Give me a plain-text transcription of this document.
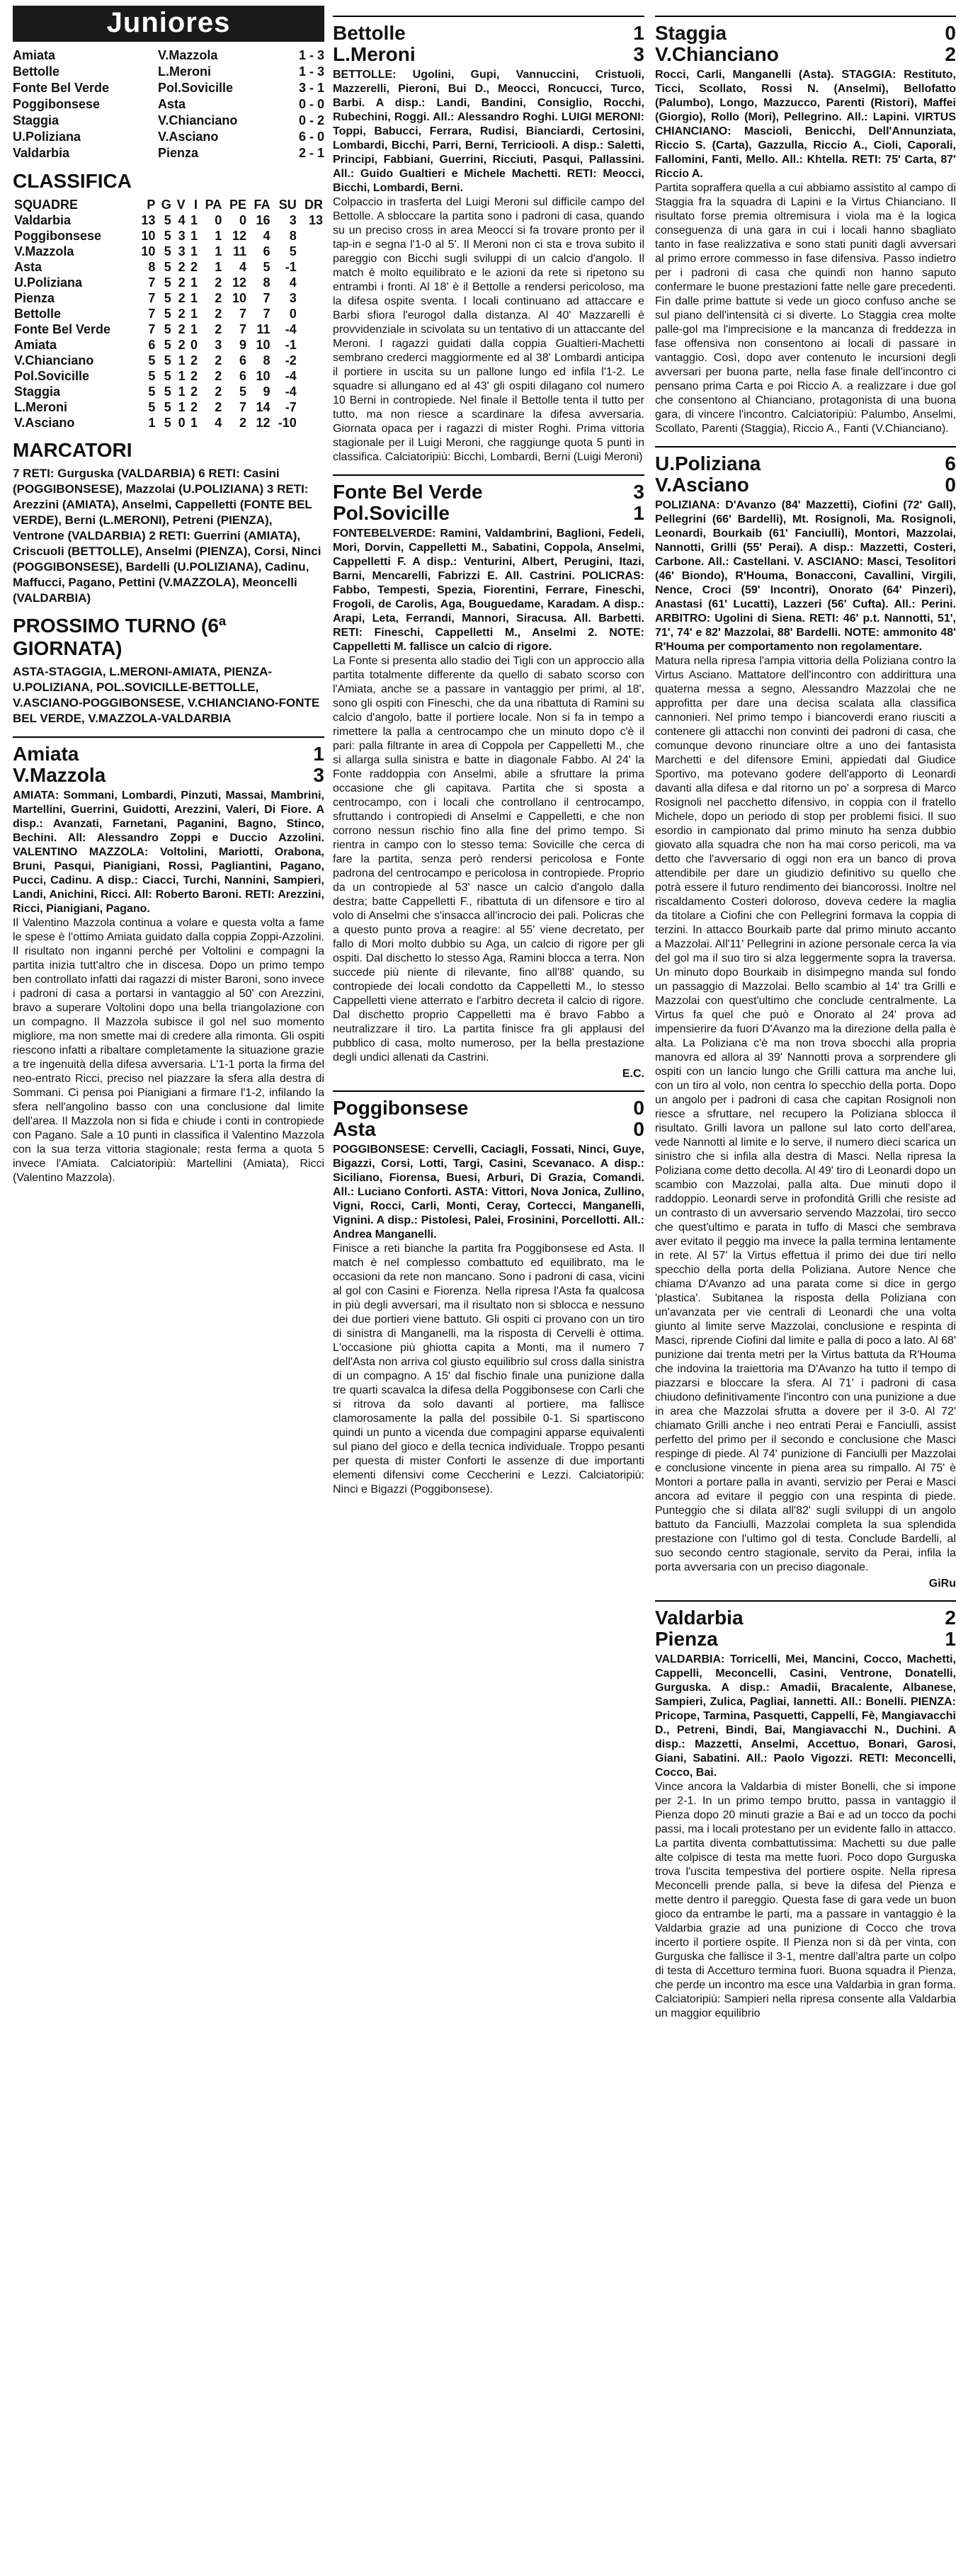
Juniores
Amiata	V.Mazzola	1 - 3
Bettolle	L.Meroni	1 - 3
Fonte Bel Verde	Pol.Sovicille	3 - 1
Poggibonsese	Asta	0 - 0
Staggia	V.Chianciano	0 - 2
U.Poliziana	V.Asciano	6 - 0
Valdarbia	Pienza	2 - 1
CLASSIFICA
SQUADRE	P	G	V	I	PA	PE	FA	SU	DR
Valdarbia	13	5	4	1	0	0	16	3	13
Poggibonsese	10	5	3	1	1	12	4	8	
V.Mazzola	10	5	3	1	1	11	6	5	
Asta	8	5	2	2	1	4	5	-1	
U.Poliziana	7	5	2	1	2	12	8	4	
Pienza	7	5	2	1	2	10	7	3	
Bettolle	7	5	2	1	2	7	7	0	
Fonte Bel Verde	7	5	2	1	2	7	11	-4	
Amiata	6	5	2	0	3	9	10	-1	
V.Chianciano	5	5	1	2	2	6	8	-2	
Pol.Sovicille	5	5	1	2	2	6	10	-4	
Staggia	5	5	1	2	2	5	9	-4	
L.Meroni	5	5	1	2	2	7	14	-7	
V.Asciano	1	5	0	1	4	2	12	-10	
MARCATORI
7 RETI: Gurguska (VALDARBIA) 6 RETI: Casini (POGGIBONSESE), Mazzolai (U.POLIZIANA) 3 RETI: Arezzini (AMIATA), Anselmi, Cappelletti (FONTE BEL VERDE), Berni (L.MERONI), Petreni (PIENZA), Ventrone (VALDARBIA) 2 RETI: Guerrini (AMIATA), Criscuoli (BETTOLLE), Anselmi (PIENZA), Corsi, Ninci (POGGIBONSESE), Bardelli (U.POLIZIANA), Cadinu, Maffucci, Pagano, Pettini (V.MAZZOLA), Meoncelli (VALDARBIA)
PROSSIMO TURNO (6ª GIORNATA)
ASTA-STAGGIA, L.MERONI-AMIATA, PIENZA-U.POLIZIANA, POL.SOVICILLE-BETTOLLE, V.ASCIANO-POGGIBONSESE, V.CHIANCIANO-FONTE BEL VERDE, V.MAZZOLA-VALDARBIA
Amiata	1
V.Mazzola	3
AMIATA: Sommani, Lombardi, Pinzuti, Massai, Mambrini, Martellini, Guerrini, Guidotti, Arezzini, Valeri, Di Fiore. A disp.: Avanzati, Farnetani, Paganini, Bagno, Stinco, Bechini. All: Alessandro Zoppi e Duccio Azzolini. VALENTINO MAZZOLA: Voltolini, Mariotti, Orabona, Bruni, Pasqui, Pianigiani, Rossi, Pagliantini, Pagano, Pucci, Cadinu. A disp.: Ciacci, Turchi, Nannini, Sampieri, Landi, Anichini, Ricci. All: Roberto Baroni. RETI: Arezzini, Ricci, Pianigiani, Pagano.
Il Valentino Mazzola continua a volare e questa volta a fame le spese è l'ottimo Amiata guidato dalla coppia Zoppi-Azzolini. Il risultato non inganni perché per Voltolini e compagni la partita inizia tutt'altro che in discesa. Dopo un primo tempo ben controllato infatti dai ragazzi di mister Baroni, sono invece i padroni di casa a portarsi in vantaggio al 50' con Arezzini, bravo a superare Voltolini dopo una bella triangolazione con un compagno. Il Mazzola subisce il gol nel suo momento migliore, ma non smette mai di credere alla rimonta. Gli ospiti riescono infatti a ribaltare completamente la situazione grazie a tre ingenuità della difesa avversaria. L'1-1 porta la firma del neo-entrato Ricci, preciso nel piazzare la sfera alla destra di Sommani. Ci pensa poi Pianigiani a firmare l'1-2, infilando la sfera nell'angolino basso con una conclusione dal limite dell'area. Il Mazzola non si fida e chiude i conti in contropiede con Pagano. Sale a 10 punti in classifica il Valentino Mazzola con la sua terza vittoria stagionale; resta ferma a quota 5 invece l'Amiata. Calciatoripiù: Martellini (Amiata), Ricci (Valentino Mazzola).
Bettolle	1
L.Meroni	3
BETTOLLE: Ugolini, Gupi, Vannuccini, Cristuoli, Mazzerelli, Pieroni, Bui D., Meocci, Roncucci, Turco, Barbi. A disp.: Landi, Bandini, Consiglio, Rocchi, Rubechini, Roggi. All.: Alessandro Roghi. LUIGI MERONI: Toppi, Babucci, Ferrara, Rudisi, Bianciardi, Certosini, Lombardi, Bicchi, Parri, Berni, Terriciooli. A disp.: Saletti, Principi, Fabbiani, Guerrini, Ricciuti, Pasqui, Pallassini. All.: Guido Gualtieri e Michele Machetti. RETI: Meocci, Bicchi, Lombardi, Berni.
Colpaccio in trasferta del Luigi Meroni sul difficile campo del Bettolle. A sbloccare la partita sono i padroni di casa, quando su un preciso cross in area Meocci si fa trovare pronto per il tap-in e segna l'1-0 al 5'. Il Meroni non ci sta e trova subito il pareggio con Bicchi sugli sviluppi di un calcio d'angolo. Il match è molto equilibrato e le azioni da rete si ripetono su entrambi i fronti. Al 18' è il Bettolle a rendersi pericoloso, ma la difesa ospite sventa. I locali continuano ad attaccare e Barbi sfiora l'eurogol dalla distanza. Al 40' Mazzarelli è provvidenziale in scivolata su un tentativo di un attaccante del Meroni. I ragazzi guidati dalla coppia Gualtieri-Machetti sembrano crederci maggiormente ed al 38' Lombardi anticipa il portiere in uscita su un pallone lungo ed infila l'1-2. Le squadre si allungano ed al 43' gli ospiti dilagano col numero 10 Berni in contropiede. Nel finale il Bettolle tenta il tutto per tutto, ma non riesce a scardinare la difesa avversaria. Giornata opaca per i ragazzi di mister Roghi. Prima vittoria stagionale per il Luigi Meroni, che raggiunge quota 5 punti in classifica. Calciatoripiù: Bicchi, Lombardi, Berni (Luigi Meroni)
Fonte Bel Verde	3
Pol.Sovicille	1
FONTEBELVERDE: Ramini, Valdambrini, Baglioni, Fedeli, Mori, Dorvin, Cappelletti M., Sabatini, Coppola, Anselmi, Cappelletti F. A disp.: Venturini, Albert, Perugini, Itazi, Barni, Mencarelli, Fabrizzi E. All. Castrini. POLICRAS: Fabbo, Tempesti, Spezia, Fiorentini, Ferrare, Fineschi, Frogoli, de Carolis, Aga, Bouguedame, Karadam. A disp.: Arapi, Leta, Ferrandi, Mannori, Siracusa. All. Barbetti. RETI: Fineschi, Cappelletti M., Anselmi 2. NOTE: Cappelletti M. fallisce un calcio di rigore.
La Fonte si presenta allo stadio dei Tigli con un approccio alla partita totalmente differente da quello di sabato scorso con l'Amiata, anche se a passare in vantaggio per primi, al 18', sono gli ospiti con Fineschi, che da una ribattuta di Ramini su calcio d'angolo, batte il portiere locale. Non si fa in tempo a rimettere la palla a centrocampo che un minuto dopo c'è il pari: palla filtrante in area di Coppola per Cappelletti M., che si allarga sulla sinistra e batte in diagonale Fabbo. Al 24' la Fonte raddoppia con Anselmi, abile a sfruttare la prima occasione che gli capitava. Partita che si sposta a centrocampo, con i locali che controllano il centrocampo, sfruttando i contropiedi di Anselmi e Cappelletti, e che non corrono nessun rischio fino alla fine del primo tempo. Si rientra in campo con lo stesso tema: Sovicille che cerca di fare la partita, senza però rendersi pericolosa e Fonte padrona del centrocampo e pericolosa in contropiede. Proprio da un contropiede al 53' nasce un calcio d'angolo dalla destra; batte Cappelletti F., ribattuta di un difensore e tiro al volo di Anselmi che s'insacca all'incrocio dei pali. Policras che a questo punto prova a reagire: al 55' viene decretato, per fallo di Mori molto dubbio su Aga, un calcio di rigore per gli ospiti. Dal dischetto lo stesso Aga, Ramini blocca a terra. Non succede più niente di rilevante, fino all'88' quando, su contropiede dei locali condotto da Cappelletti M., lo stesso Cappelletti viene atterrato e l'arbitro decreta il calcio di rigore. Dal dischetto proprio Cappelletti ma è bravo Fabbo a neutralizzare il tiro. La partita finisce fra gli applausi del pubblico di casa, molto numeroso, per la bella prestazione degli undici allenati da Castrini.
E.C.
Poggibonsese	0
Asta	0
POGGIBONSESE: Cervelli, Caciagli, Fossati, Ninci, Guye, Bigazzi, Corsi, Lotti, Targi, Casini, Scevanaco. A disp.: Siciliano, Fiorensa, Buesi, Arburi, Di Grazia, Comandi. All.: Luciano Conforti. ASTA: Vittori, Nova Jonica, Zullino, Vigni, Rocci, Carli, Monti, Ceray, Cortecci, Manganelli, Vignini. A disp.: Pistolesi, Palei, Frosinini, Porcellotti. All.: Andrea Manganelli.
Finisce a reti bianche la partita fra Poggibonsese ed Asta. Il match è nel complesso combattuto ed equilibrato, ma le occasioni da rete non mancano. Sono i padroni di casa, vicini al gol con Casini e Fiorenza. Nella ripresa l'Asta fa qualcosa in più degli avversari, ma il risultato non si sblocca e nessuno dei due portieri viene battuto. Gli ospiti ci provano con un tiro di sinistra di Manganelli, ma la risposta di Cervelli è ottima. L'occasione più ghiotta capita a Monti, ma il numero 7 dell'Asta non arriva col giusto equilibrio sul cross dalla sinistra di un compagno. A 15' dal fischio finale una punizione dalla tre quarti scavalca la difesa della Poggibonsese con Carli che si ritrova da solo davanti al portiere, ma fallisce clamorosamente la palla del possibile 0-1. Si spartiscono quindi un punto a vicenda due compagini apparse equivalenti sul piano del gioco e della tecnica individuale. Troppo pesanti per questa di mister Conforti le assenze di due importanti elementi difensivi come Ceccherini e Lezzi. Calciatoripiù: Ninci e Bigazzi (Poggibonsese).
Staggia	0
V.Chianciano	2
Rocci, Carli, Manganelli (Asta). STAGGIA: Restituto, Ticci, Scollato, Rossi N. (Anselmi), Bellofatto (Palumbo), Longo, Mazzucco, Parenti (Ristori), Maffei (Giorgio), Rollo (Mori), Pellegrino. All.: Lapini. VIRTUS CHIANCIANO: Mascioli, Benicchi, Dell'Annunziata, Riccio S. (Carta), Gazzulla, Riccio A., Cioli, Caporali, Fallomini, Fanti, Mello. All.: Khtella. RETI: 75' Carta, 87' Riccio A.
Partita sopraffera quella a cui abbiamo assistito al campo di Staggia fra la squadra di Lapini e la Virtus Chianciano. Il risultato forse premia oltremisura i viola ma è la logica conseguenza di una gara in cui i locali hanno sbagliato tanto in fase realizzativa e sono stati puniti dagli avversari al primo errore commesso in fase difensiva. Passo indietro per i padroni di casa che quindi non hanno saputo confermare le buone prestazioni fatte nelle gare precedenti. Fin dalle prime battute si vede un gioco confuso anche se sul piano dell'intensità ci si diverte. Lo Staggia crea molte palle-gol ma l'imprecisione e la mancanza di freddezza in fase offensiva non consentono ai locali di passare in vantaggio. Così, dopo aver contenuto le incursioni degli avversari per buona parte, nella fase finale dell'incontro ci pensano prima Carta e poi Riccio A. a realizzare i due gol che consentono al Chianciano, protagonista di una buona gara, di vincere l'incontro. Calciatoripiù: Palumbo, Anselmi, Scollato, Parenti (Staggia), Riccio A., Fanti (V.Chianciano).
U.Poliziana	6
V.Asciano	0
POLIZIANA: D'Avanzo (84' Mazzetti), Ciofini (72' Gall), Pellegrini (66' Bardelli), Mt. Rosignoli, Ma. Rosignoli, Leonardi, Bourkaib (61' Fanciulli), Montori, Mazzolai, Nannotti, Grilli (55' Perai). A disp.: Mazzetti, Costeri, Carbone. All.: Castellani. V. ASCIANO: Masci, Tesolitori (46' Biondo), R'Houma, Bonacconi, Cavallini, Virgili, Nence, Croci (59' Incontri), Onorato (64' Pinzeri), Anastasi (61' Lucatti), Lazzeri (56' Cufta). All.: Perini. ARBITRO: Ugolini di Siena. RETI: 46' p.t. Nannotti, 51', 71', 74' e 82' Mazzolai, 88' Bardelli. NOTE: ammonito 48' R'Houma per comportamento non regolamentare.
Matura nella ripresa l'ampia vittoria della Poliziana contro la Virtus Asciano. Mattatore dell'incontro con addirittura una quaterna messa a segno, Alessandro Mazzolai che ne approfitta per dare una decisa scalata alla classifica cannonieri. Nel primo tempo i biancoverdi erano riusciti a contenere gli attacchi non convinti dei padroni di casa, che comunque devono rinunciare oltre a uno dei fantasista Marchetti e del difensore Emini, appiedati dal Giudice Sportivo, ma potevano godere dell'apporto di Leonardi davanti alla difesa e dal ritorno un po' a sorpresa di Marco Rosignoli nel pacchetto difensivo, in coppia con il fratello Michele, dopo un periodo di stop per problemi fisici. Il suo esordio in campionato dal primo minuto ha senza dubbio giovato alla squadra che non ha mai corso pericoli, ma va detto che l'avversario di oggi non era un banco di prova attendibile per dare un giudizio definitivo su quello che potrà essere il futuro rendimento dei biancorossi. Inoltre nel riscaldamento Costeri doloroso, doveva cedere la maglia da titolare a Ciofini che con Pellegrini formava la coppia di terzini. In attacco Bourkaib parte dal primo minuto accanto a Mazzolai. All'11' Pellegrini in azione personale cerca la via del gol ma il suo tiro si alza leggermente sopra la traversa. Un minuto dopo Bourkaib in disimpegno manda sul fondo un passaggio di Mazzolai. Bello scambio al 14' tra Grilli e Mazzolai con quest'ultimo che conclude centralmente. La Virtus fa quel che può e Onorato al 24' prova ad impensierire da fuori D'Avanzo ma la direzione della palla è alta. La Poliziana c'è ma non trova sbocchi alla propria manovra ed allora al 39' Nannotti prova a sorprendere gli ospiti con un lancio lungo che Grilli cattura ma anche lui, con un tiro al volo, non centra lo specchio della porta. Dopo un angolo per i padroni di casa che capitan Rosignoli non riesce a sfruttare, nel recupero la Poliziana sblocca il risultato. Grilli lavora un pallone sul lato corto dell'area, vede Nannotti al limite e lo serve, il numero dieci scarica un sinistro che si infila alla destra di Masci. Nella ripresa la Poliziana come detto decolla. Al 49' tiro di Leonardi dopo un scambio con Mazzolai, palla alta. Due minuti dopo il raddoppio. Leonardi serve in profondità Grilli che resiste ad un contrasto di un avversario servendo Mazzolai, tiro secco che quest'ultimo e parata in tuffo di Masci che sembrava aver evitato il peggio ma invece la palla termina lentamente in rete. Al 57' la Virtus effettua il primo dei due tiri nello specchio della porta della Poliziana. Autore Nence che chiama D'Avanzo ad una parata come si dice in gergo 'plastica'. Subitanea la risposta della Poliziana con un'avanzata per vie centrali di Leonardi che una volta giunto al limite serve Mazzolai, conclusione e respinta di Masci, riprende Ciofini dal limite e palla di poco a lato. Al 68' punizione dai trenta metri per la Virtus battuta da R'Houma che indovina la traiettoria ma D'Avanzo ha tutto il tempo di piazzarsi e bloccare la sfera. Al 71' i padroni di casa chiudono definitivamente l'incontro con una punizione a due in area che Mazzolai sfrutta a dovere per il 3-0. Al 72' chiamato Grilli anche i neo entrati Perai e Fanciulli, assist perfetto del primo per il secondo e conclusione che Masci respinge di piede. Al 74' punizione di Fanciulli per Mazzolai e conclusione vincente in piena area su rimpallo. Al 75' è Montori a portare palla in avanti, servizio per Perai e Masci ancora ad evitare il peggio con una respinta di piede. Punteggio che si dilata all'82' sugli sviluppi di un angolo battuto da Fanciulli, Mazzolai completa la sua splendida prestazione con l'ultimo gol di testa. Conclude Bardelli, al suo secondo centro stagionale, servito da Perai, infila la porta avversaria con un preciso diagonale.
GiRu
Valdarbia	2
Pienza	1
VALDARBIA: Torricelli, Mei, Mancini, Cocco, Machetti, Cappelli, Meconcelli, Casini, Ventrone, Donatelli, Gurguska. A disp.: Amadii, Bracalente, Albanese, Sampieri, Zulica, Pagliai, Iannetti. All.: Bonelli. PIENZA: Pricope, Tarmina, Pasquetti, Cappelli, Fè, Mangiavacchi D., Petreni, Bindi, Bai, Mangiavacchi N., Duchini. A disp.: Mazzetti, Anselmi, Accettuo, Bonari, Garosi, Giani, Sabatini. All.: Paolo Vigozzi. RETI: Meconcelli, Cocco, Bai.
Vince ancora la Valdarbia di mister Bonelli, che si impone per 2-1. In un primo tempo brutto, passa in vantaggio il Pienza dopo 20 minuti grazie a Bai e ad un tocco da pochi passi, ma i locali protestano per un evidente fallo in attacco. La partita diventa combattutissima: Machetti su due palle alte colpisce di testa ma mette fuori. Poco dopo Gurguska trova l'uscita tempestiva del portiere ospite. Nella ripresa Meconcelli prende palla, si beve la difesa del Pienza e mette dentro il pareggio. Questa fase di gara vede un buon gioco da entrambe le parti, ma a passare in vantaggio è la Valdarbia grazie ad una punizione di Cocco che trova incerto il portiere ospite. Il Pienza non si dà per vinta, con Gurguska che fallisce il 3-1, mentre dall'altra parte un colpo di testa di Accetturo termina fuori. Buona squadra il Pienza, che perde un incontro ma esce una Valdarbia in gran forma. Calciatoripiù: Sampieri nella ripresa consente alla Valdarbia un maggior equilibrio
